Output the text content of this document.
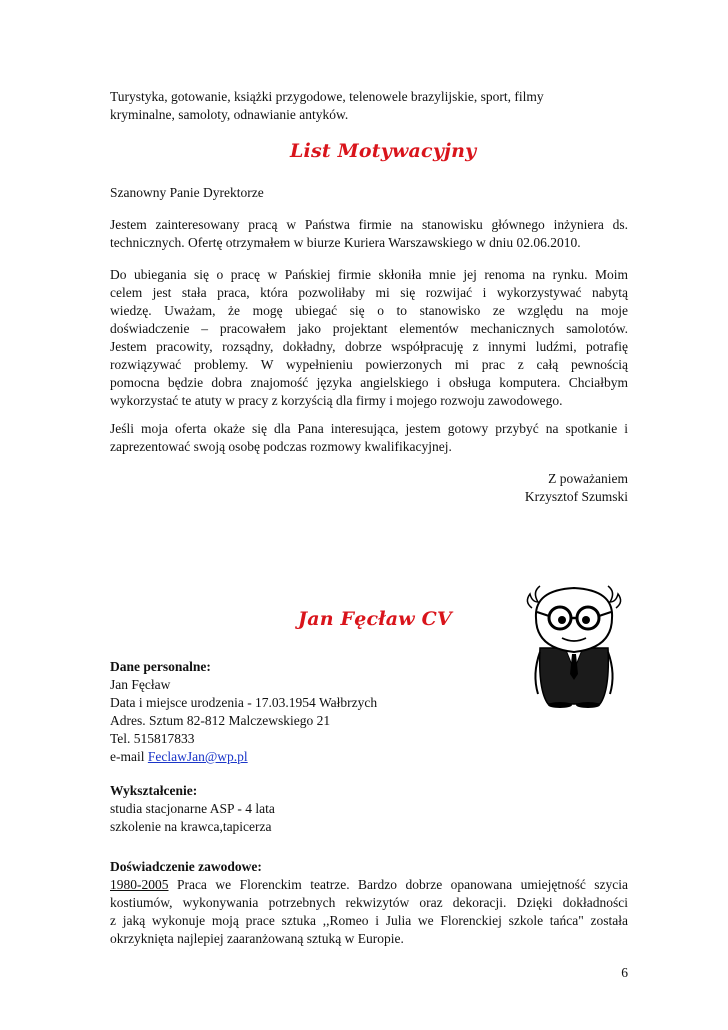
Turystyka, gotowanie, książki przygodowe, telenowele brazylijskie, sport, filmy
kryminalne, samoloty, odnawianie antyków.

List Motywacyjny

Szanowny Panie Dyrektorze

Jestem zainteresowany pracą w Państwa firmie na stanowisku głównego inżyniera ds.
technicznych. Ofertę otrzymałem w biurze Kuriera Warszawskiego w dniu 02.06.2010.

Do ubiegania się o pracę w Pańskiej firmie skłoniła mnie jej renoma na rynku. Moim
celem jest stała praca, która pozwoliłaby mi się rozwijać i wykorzystywać nabytą
wiedzę. Uważam, że mogę ubiegać się o to stanowisko ze względu na moje
doświadczenie – pracowałem jako projektant elementów mechanicznych samolotów.
Jestem pracowity, rozsądny, dokładny, dobrze współpracuję z innymi ludźmi, potrafię
rozwiązywać problemy. W wypełnieniu powierzonych mi prac z całą pewnością
pomocna będzie dobra znajomość języka angielskiego i obsługa komputera. Chciałbym
wykorzystać te atuty w pracy z korzyścią dla firmy i mojego rozwoju zawodowego.

Jeśli moja oferta okaże się dla Pana interesująca, jestem gotowy przybyć na spotkanie i
zaprezentować swoją osobę podczas rozmowy kwalifikacyjnej.

Z poważaniem
Krzysztof Szumski

Jan Fęcław CV

Dane personalne:
Jan Fęcław
Data i miejsce urodzenia - 17.03.1954 Wałbrzych
Adres. Sztum 82-812 Malczewskiego 21
Tel. 515817833
e-mail FeclawJan@wp.pl

Wykształcenie:
studia stacjonarne ASP - 4 lata
szkolenie na krawca,tapicerza

Doświadczenie zawodowe:
1980-2005 Praca we Florenckim teatrze. Bardzo dobrze opanowana umiejętność szycia
kostiumów, wykonywania potrzebnych rekwizytów oraz dekoracji. Dzięki dokładności
z jaką wykonuje moją prace sztuka ,,Romeo i Julia we Florenckiej szkole tańca" została
okrzyknięta najlepiej zaaranżowaną sztuką w Europie.

6
